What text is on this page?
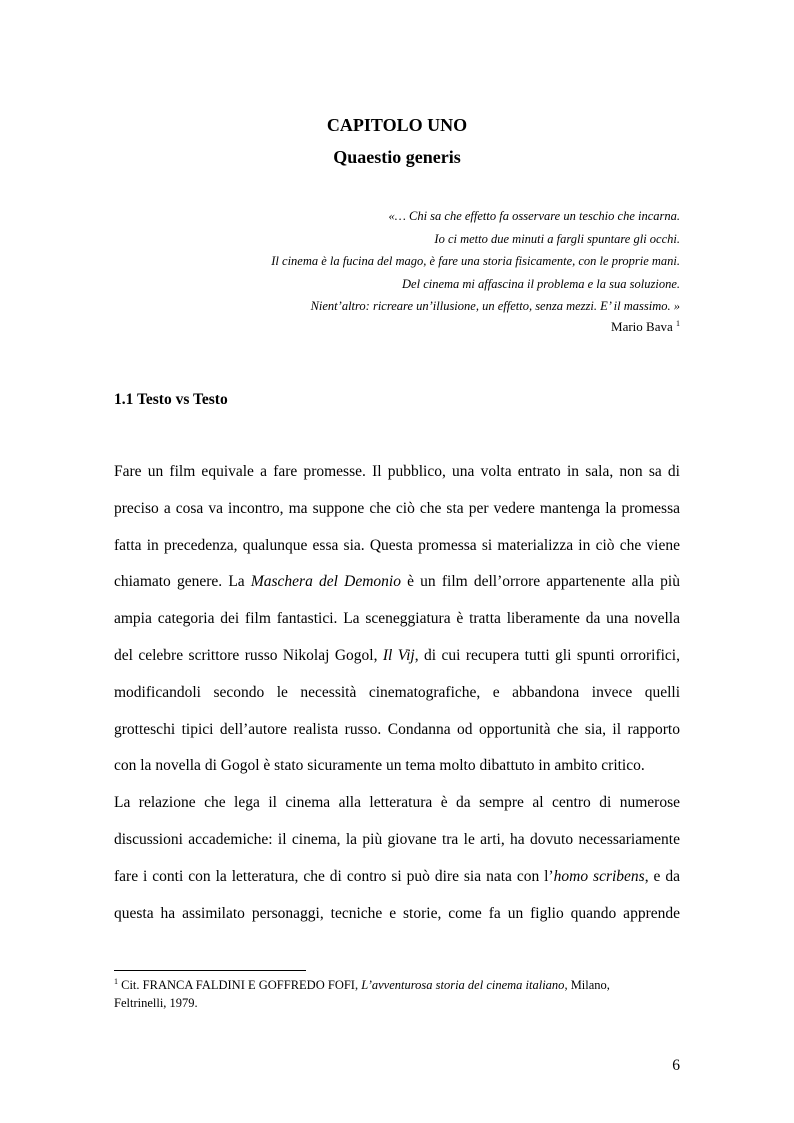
CAPITOLO UNO
Quaestio generis
«… Chi sa che effetto fa osservare un teschio che incarna.
Io ci metto due minuti a fargli spuntare gli occhi.
Il cinema è la fucina del mago, è fare una storia fisicamente, con le proprie mani.
Del cinema mi affascina il problema e la sua soluzione.
Nient’altro: ricreare un’illusione, un effetto, senza mezzi. E’ il massimo. »
Mario Bava $^1$
1.1 Testo vs Testo
Fare un film equivale a fare promesse. Il pubblico, una volta entrato in sala, non sa di
preciso a cosa va incontro, ma suppone che ciò che sta per vedere mantenga la promessa
fatta in precedenza, qualunque essa sia. Questa promessa si materializza in ciò che viene
chiamato genere. La Maschera del Demonio è un film dell’orrore appartenente alla più
ampia categoria dei film fantastici. La sceneggiatura è tratta liberamente da una novella
del celebre scrittore russo Nikolaj Gogol, Il Vij, di cui recupera tutti gli spunti orrorifici,
modificandoli secondo le necessità cinematografiche, e abbandona invece quelli
grotteschi tipici dell’autore realista russo. Condanna od opportunità che sia, il rapporto
con la novella di Gogol è stato sicuramente un tema molto dibattuto in ambito critico.
La relazione che lega il cinema alla letteratura è da sempre al centro di numerose
discussioni accademiche: il cinema, la più giovane tra le arti, ha dovuto necessariamente
fare i conti con la letteratura, che di contro si può dire sia nata con l’homo scribens, e da
questa ha assimilato personaggi, tecniche e storie, come fa un figlio quando apprende
$^1$ Cit. FRANCA FALDINI E GOFFREDO FOFI, L’avventurosa storia del cinema italiano, Milano,
Feltrinelli, 1979.
6
